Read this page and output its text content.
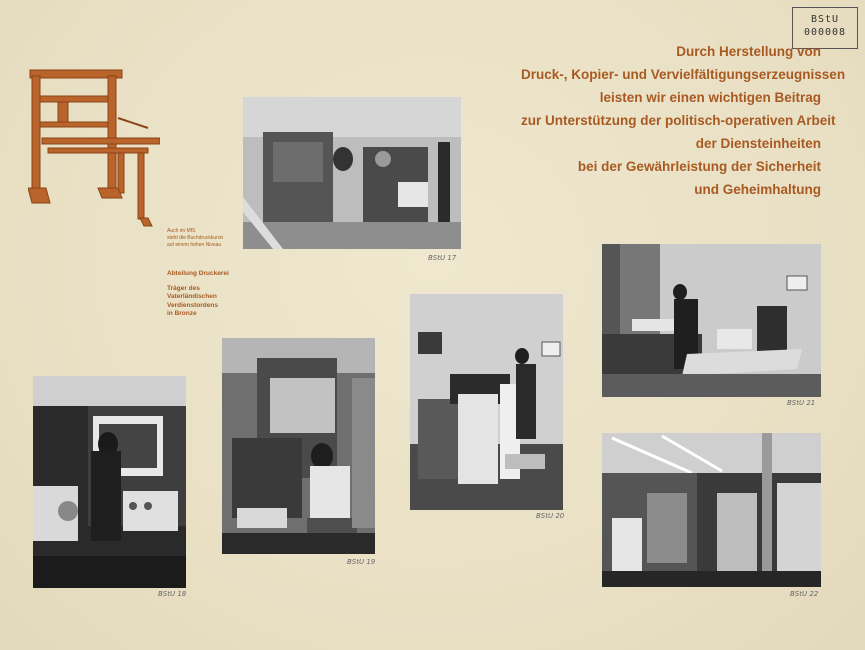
BStU
000008
Durch Herstellung von
Druck-, Kopier- und Vervielfältigungserzeugnissen
leisten wir einen wichtigen Beitrag
zur Unterstützung der politisch-operativen Arbeit
der Diensteinheiten
bei der Gewährleistung der Sicherheit
und Geheimhaltung
Auch im MfS
steht die Buchdruckkunst
auf einem hohen Niveau
Abteilung Druckerei
Träger des
Vaterländischen
Verdienstordens
in Bronze
BStU 17
BStU 18
BStU 19
BStU 20
BStU 21
BStU 22
